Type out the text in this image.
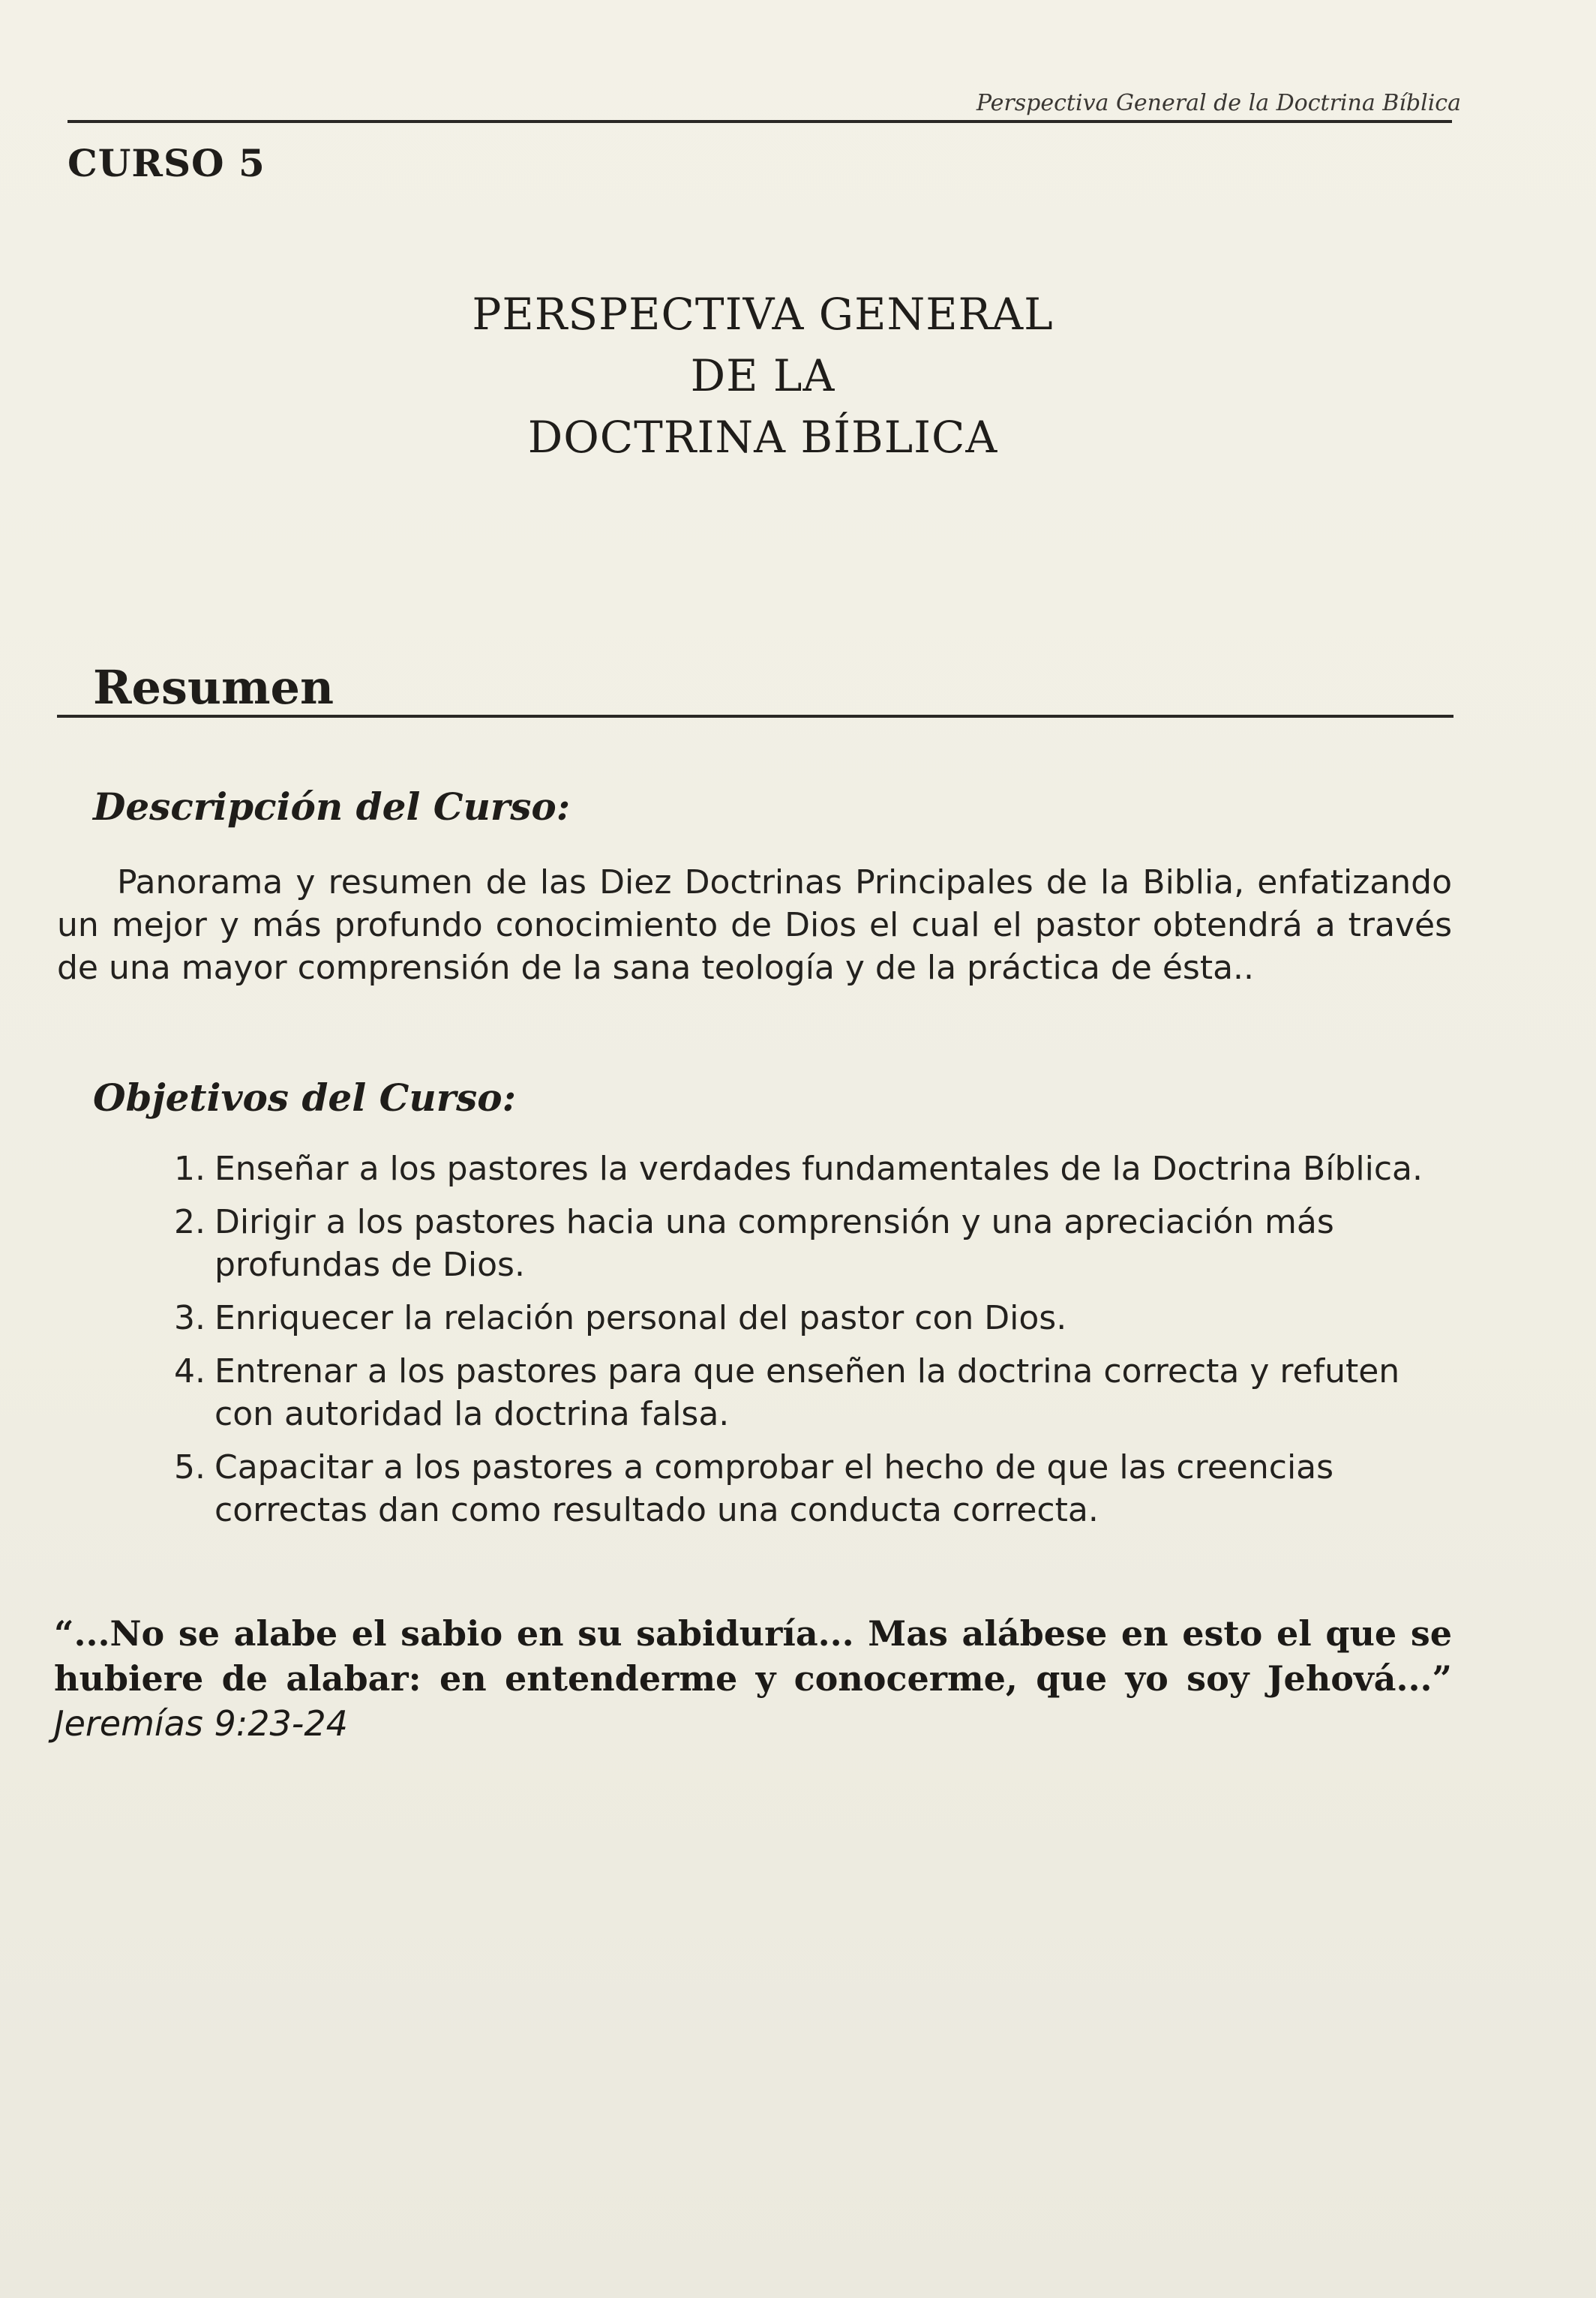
Perspectiva General de la Doctrina Bíblica
CURSO 5
PERSPECTIVA GENERAL
DE LA
DOCTRINA BÍBLICA
Resumen
Descripción del Curso:

Panorama y resumen de las Diez Doctrinas Principales de la Biblia, enfatizando un mejor y más profundo conocimiento de Dios el cual el pastor obtendrá a través de una mayor comprensión de la sana teología y de la práctica de ésta..

Objetivos del Curso:
1. Enseñar a los pastores la verdades fundamentales de la Doctrina Bíblica.
2. Dirigir a los pastores hacia una comprensión y una apreciación más profundas de Dios.
3. Enriquecer la relación personal del pastor con Dios.
4. Entrenar a los pastores para que enseñen la doctrina correcta y refuten con autoridad la doctrina falsa.
5. Capacitar a los pastores a comprobar el hecho de que las creencias correctas dan como resultado una conducta correcta.
“...No se alabe el sabio en su sabiduría... Mas alábese en esto el que se hubiere de alabar: en entenderme y conocerme, que yo soy Jehová...” Jeremías 9:23-24
